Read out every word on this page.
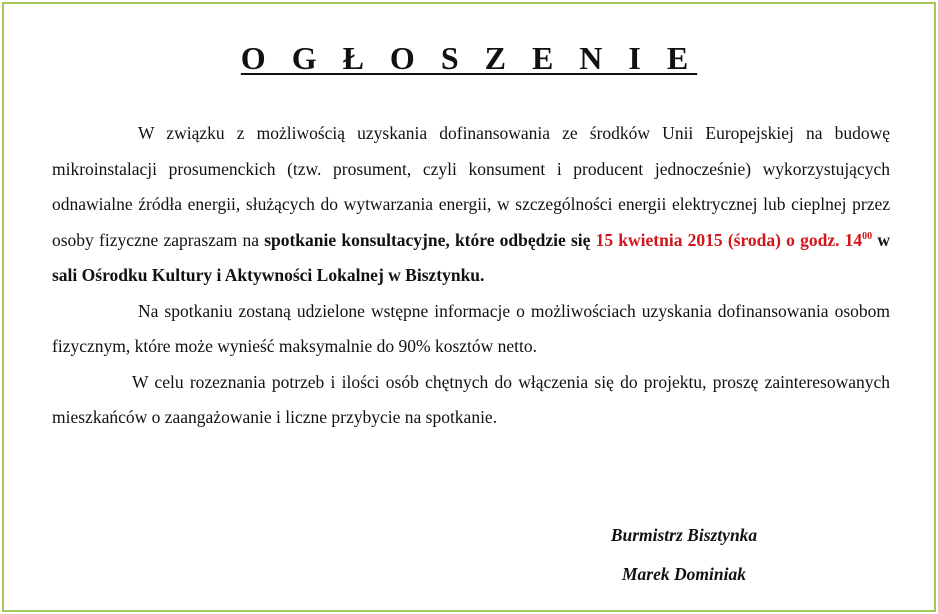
O G Ł O S Z E N I E

W związku z możliwością uzyskania dofinansowania ze środków Unii Europejskiej na budowę mikroinstalacji prosumenckich (tzw. prosument, czyli konsument i producent jednocześnie) wykorzystujących odnawialne źródła energii, służących do wytwarzania energii, w szczególności energii elektrycznej lub cieplnej przez osoby fizyczne zapraszam na spotkanie konsultacyjne, które odbędzie się 15 kwietnia 2015 (środa) o godz. $14^{00}$ w sali Ośrodku Kultury i Aktywności Lokalnej w Bisztynku.

Na spotkaniu zostaną udzielone wstępne informacje o możliwościach uzyskania dofinansowania osobom fizycznym, które może wynieść maksymalnie do 90% kosztów netto.

W celu rozeznania potrzeb i ilości osób chętnych do włączenia się do projektu, proszę zainteresowanych mieszkańców o zaangażowanie i liczne przybycie na spotkanie.

Burmistrz Bisztynka
Marek Dominiak
